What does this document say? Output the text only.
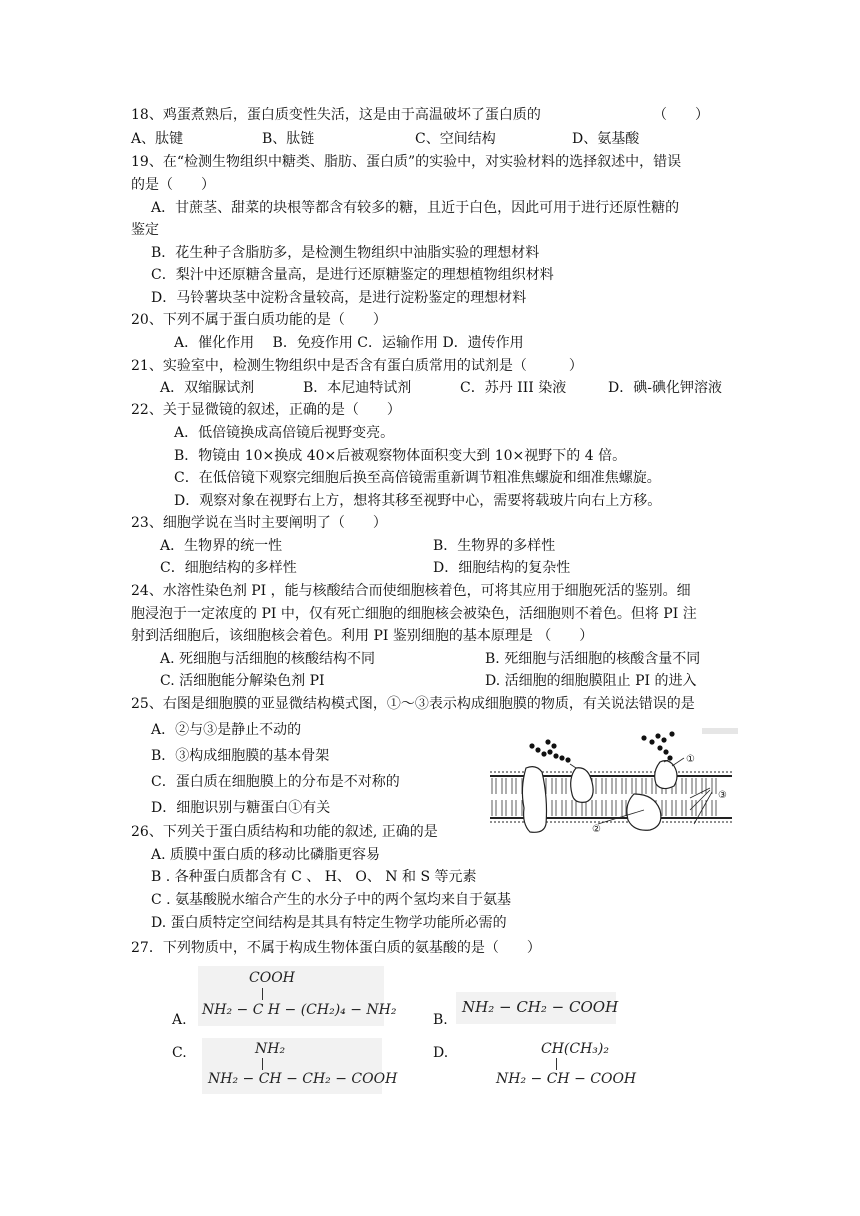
18、鸡蛋煮熟后，蛋白质变性失活，这是由于高温破坏了蛋白质的	（　　）
A、肽键	B、肽链	C、空间结构	D、氨基酸
19、在“检测生物组织中糖类、脂肪、蛋白质”的实验中，对实验材料的选择叙述中，错误
的是（　　）
A．甘蔗茎、甜菜的块根等都含有较多的糖，且近于白色，因此可用于进行还原性糖的
鉴定
B．花生种子含脂肪多，是检测生物组织中油脂实验的理想材料
C．梨汁中还原糖含量高，是进行还原糖鉴定的理想植物组织材料
D．马铃薯块茎中淀粉含量较高，是进行淀粉鉴定的理想材料
20、下列不属于蛋白质功能的是（　　）
A．催化作用　 B．免疫作用 C．运输作用 D．遗传作用
21、实验室中，检测生物组织中是否含有蛋白质常用的试剂是（　　　）
A．双缩脲试剂	B．本尼迪特试剂	C．苏丹 III 染液	D．碘-碘化钾溶液
22、关于显微镜的叙述，正确的是（　　）
A．低倍镜换成高倍镜后视野变亮。
B．物镜由 10×换成 40×后被观察物体面积变大到 10×视野下的 4 倍。
C．在低倍镜下观察完细胞后换至高倍镜需重新调节粗准焦螺旋和细准焦螺旋。
D．观察对象在视野右上方，想将其移至视野中心，需要将载玻片向右上方移。
23、细胞学说在当时主要阐明了（　　）
A．生物界的统一性	B．生物界的多样性
C．细胞结构的多样性	D．细胞结构的复杂性
24、水溶性染色剂 PI ，能与核酸结合而使细胞核着色，可将其应用于细胞死活的鉴别。细
胞浸泡于一定浓度的 PI 中，仅有死亡细胞的细胞核会被染色，活细胞则不着色。但将 PI 注
射到活细胞后，该细胞核会着色。利用 PI 鉴别细胞的基本原理是 （　　）
A. 死细胞与活细胞的核酸结构不同	B. 死细胞与活细胞的核酸含量不同
C. 活细胞能分解染色剂 PI	D. 活细胞的细胞膜阻止 PI 的进入
25、右图是细胞膜的亚显微结构模式图，①～③表示构成细胞膜的物质，有关说法错误的是
A．②与③是静止不动的
B．③构成细胞膜的基本骨架
C．蛋白质在细胞膜上的分布是不对称的
D．细胞识别与糖蛋白①有关
①
③
②
26、下列关于蛋白质结构和功能的叙述, 正确的是
A. 质膜中蛋白质的移动比磷脂更容易
B . 各种蛋白质都含有 C 、 H、 O、 N 和 S 等元素
C . 氨基酸脱水缩合产生的水分子中的两个氢均来自于氨基
D. 蛋白质特定空间结构是其具有特定生物学功能所必需的
27．下列物质中，不属于构成生物体蛋白质的氨基酸的是（　　）
A.
COOH
NH₂ − C H − (CH₂)₄ − NH₂
B.
NH₂ − CH₂ − COOH
C.	NH₂
NH₂ − CH − CH₂ − COOH
D.	CH(CH₃)₂
NH₂ − CH − COOH
